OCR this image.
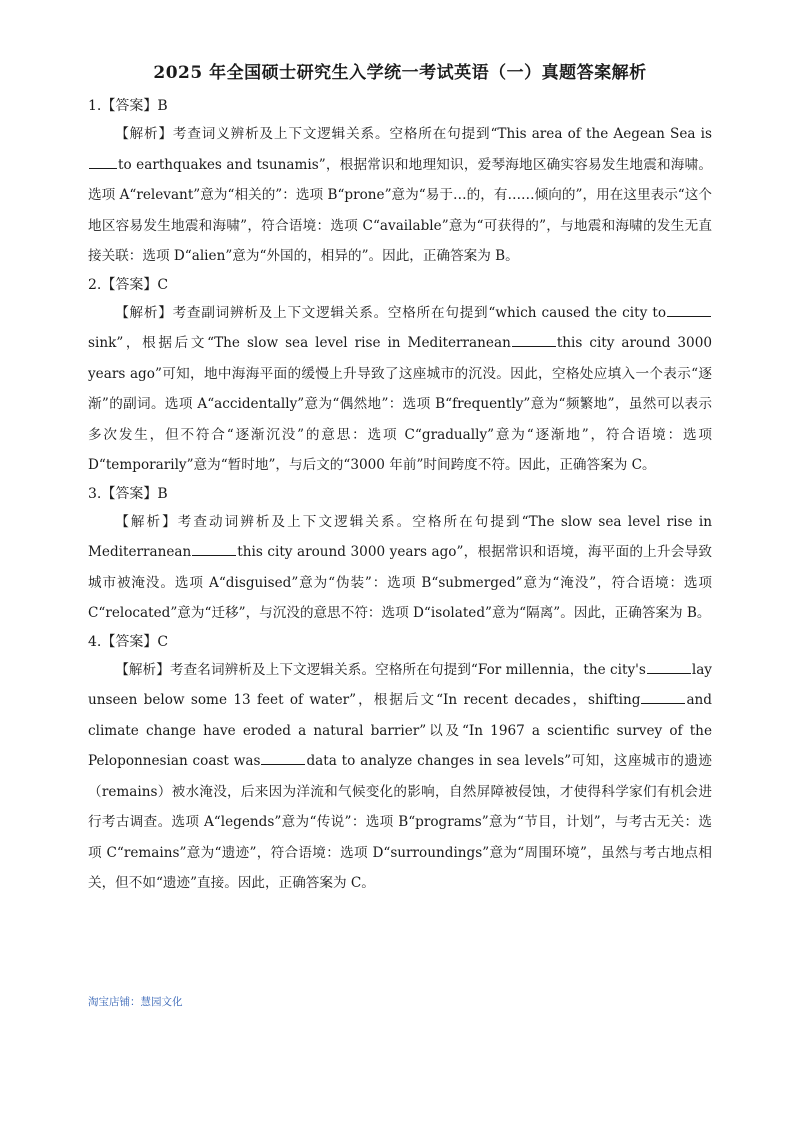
2025 年全国硕士研究生入学统一考试英语（一）真题答案解析
1.【答案】B
【解析】考查词义辨析及上下文逻辑关系。空格所在句提到“This area of the Aegean Sea isto earthquakes and tsunamis”，根据常识和地理知识，爱琴海地区确实容易发生地震和海啸。选项 A“relevant”意为“相关的”：选项 B“prone”意为“易于…的，有……倾向的”，用在这里表示“这个地区容易发生地震和海啸”，符合语境：选项 C“available”意为“可获得的”，与地震和海啸的发生无直接关联：选项 D“alien”意为“外国的，相异的”。因此，正确答案为 B。
2.【答案】C
【解析】考查副词辨析及上下文逻辑关系。空格所在句提到“which caused the city tosink”，根据后文“The slow sea level rise in Mediterranean	this city around 3000 years ago”可知，地中海海平面的缓慢上升导致了这座城市的沉没。因此，空格处应填入一个表示“逐渐”的副词。选项 A“accidentally”意为“偶然地”：选项 B“frequently”意为“频繁地”，虽然可以表示多次发生，但不符合“逐渐沉没”的意思：选项 C“gradually”意为“逐渐地”，符合语境：选项 D“temporarily”意为“暂时地”，与后文的“3000 年前”时间跨度不符。因此，正确答案为 C。
3.【答案】B
【解析】考查动词辨析及上下文逻辑关系。空格所在句提到“The slow sea level rise in Mediterranean	this city around 3000 years ago”，根据常识和语境，海平面的上升会导致城市被淹没。选项 A“disguised”意为“伪装”：选项 B“submerged”意为“淹没”，符合语境：选项 C“relocated”意为“迁移”，与沉没的意思不符：选项 D“isolated”意为“隔离”。因此，正确答案为 B。
4.【答案】C
【解析】考查名词辨析及上下文逻辑关系。空格所在句提到“For millennia，the city's	lay unseen below some 13 feet of water”，根据后文“In recent decades，shifting	and climate change have eroded a natural barrier”以及“In 1967 a scientific survey of the Peloponnesian coast was	data to analyze changes in sea levels”可知，这座城市的遗迹（remains）被水淹没，后来因为洋流和气候变化的影响，自然屏障被侵蚀，才使得科学家们有机会进行考古调查。选项 A“legends”意为“传说”：选项 B“programs”意为“节目，计划”，与考古无关：选项 C“remains”意为“遗迹”，符合语境：选项 D“surroundings”意为“周围环境”，虽然与考古地点相关，但不如“遗迹”直接。因此，正确答案为 C。
淘宝店铺：慧园文化
